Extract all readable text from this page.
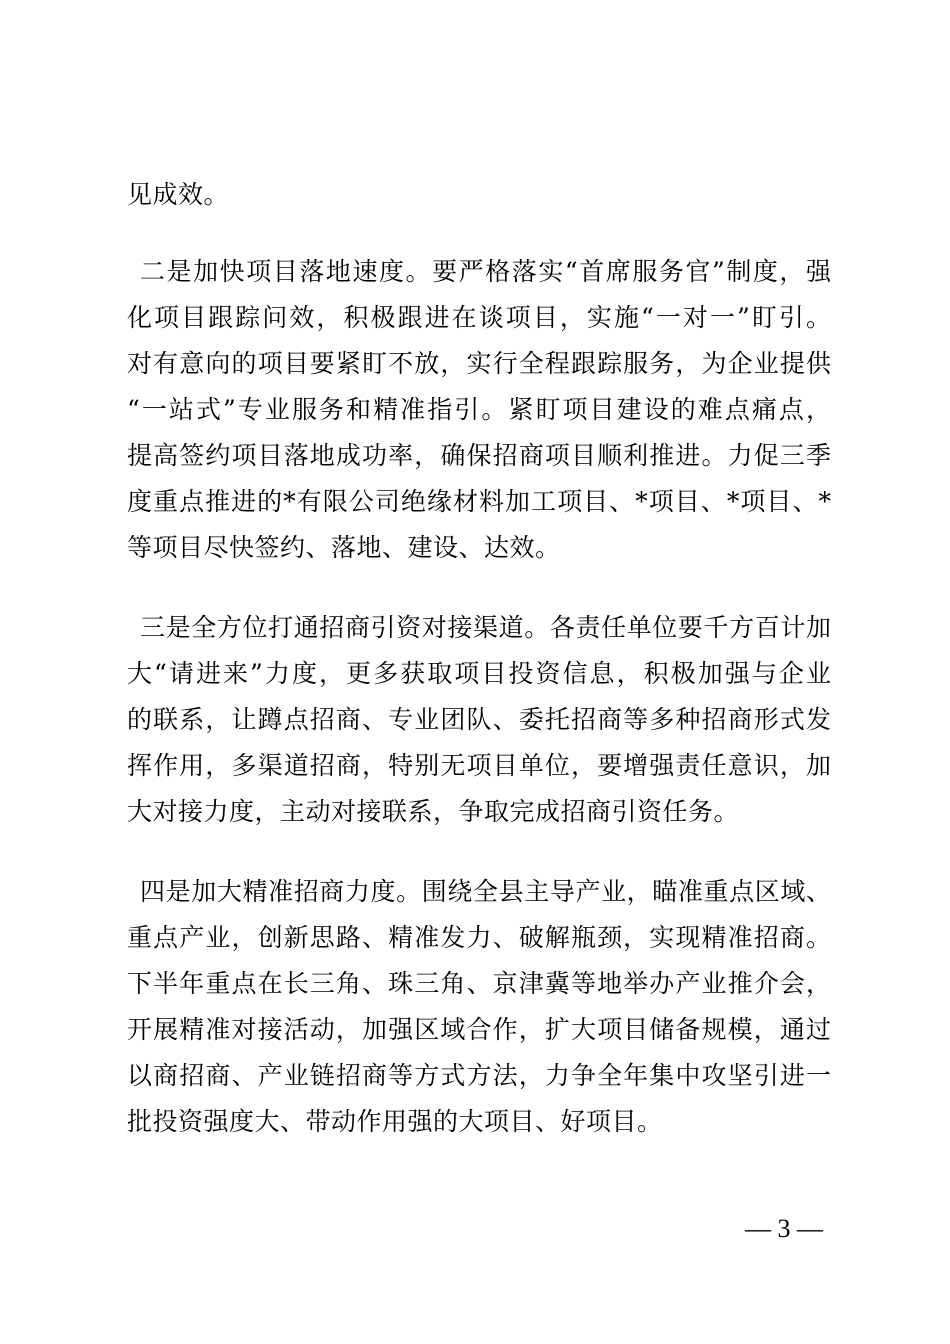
见成效。
二是加快项目落地速度。要严格落实“首席服务官”制度，强
化项目跟踪问效，积极跟进在谈项目，实施“一对一”盯引。
对有意向的项目要紧盯不放，实行全程跟踪服务，为企业提供
“一站式”专业服务和精准指引。紧盯项目建设的难点痛点，
提高签约项目落地成功率，确保招商项目顺利推进。力促三季
度重点推进的*有限公司绝缘材料加工项目、*项目、*项目、*
等项目尽快签约、落地、建设、达效。
三是全方位打通招商引资对接渠道。各责任单位要千方百计加
大“请进来”力度，更多获取项目投资信息，积极加强与企业
的联系，让蹲点招商、专业团队、委托招商等多种招商形式发
挥作用，多渠道招商，特别无项目单位，要增强责任意识，加
大对接力度，主动对接联系，争取完成招商引资任务。
四是加大精准招商力度。围绕全县主导产业，瞄准重点区域、
重点产业，创新思路、精准发力、破解瓶颈，实现精准招商。
下半年重点在长三角、珠三角、京津冀等地举办产业推介会，
开展精准对接活动，加强区域合作，扩大项目储备规模，通过
以商招商、产业链招商等方式方法，力争全年集中攻坚引进一
批投资强度大、带动作用强的大项目、好项目。
— 3 —
